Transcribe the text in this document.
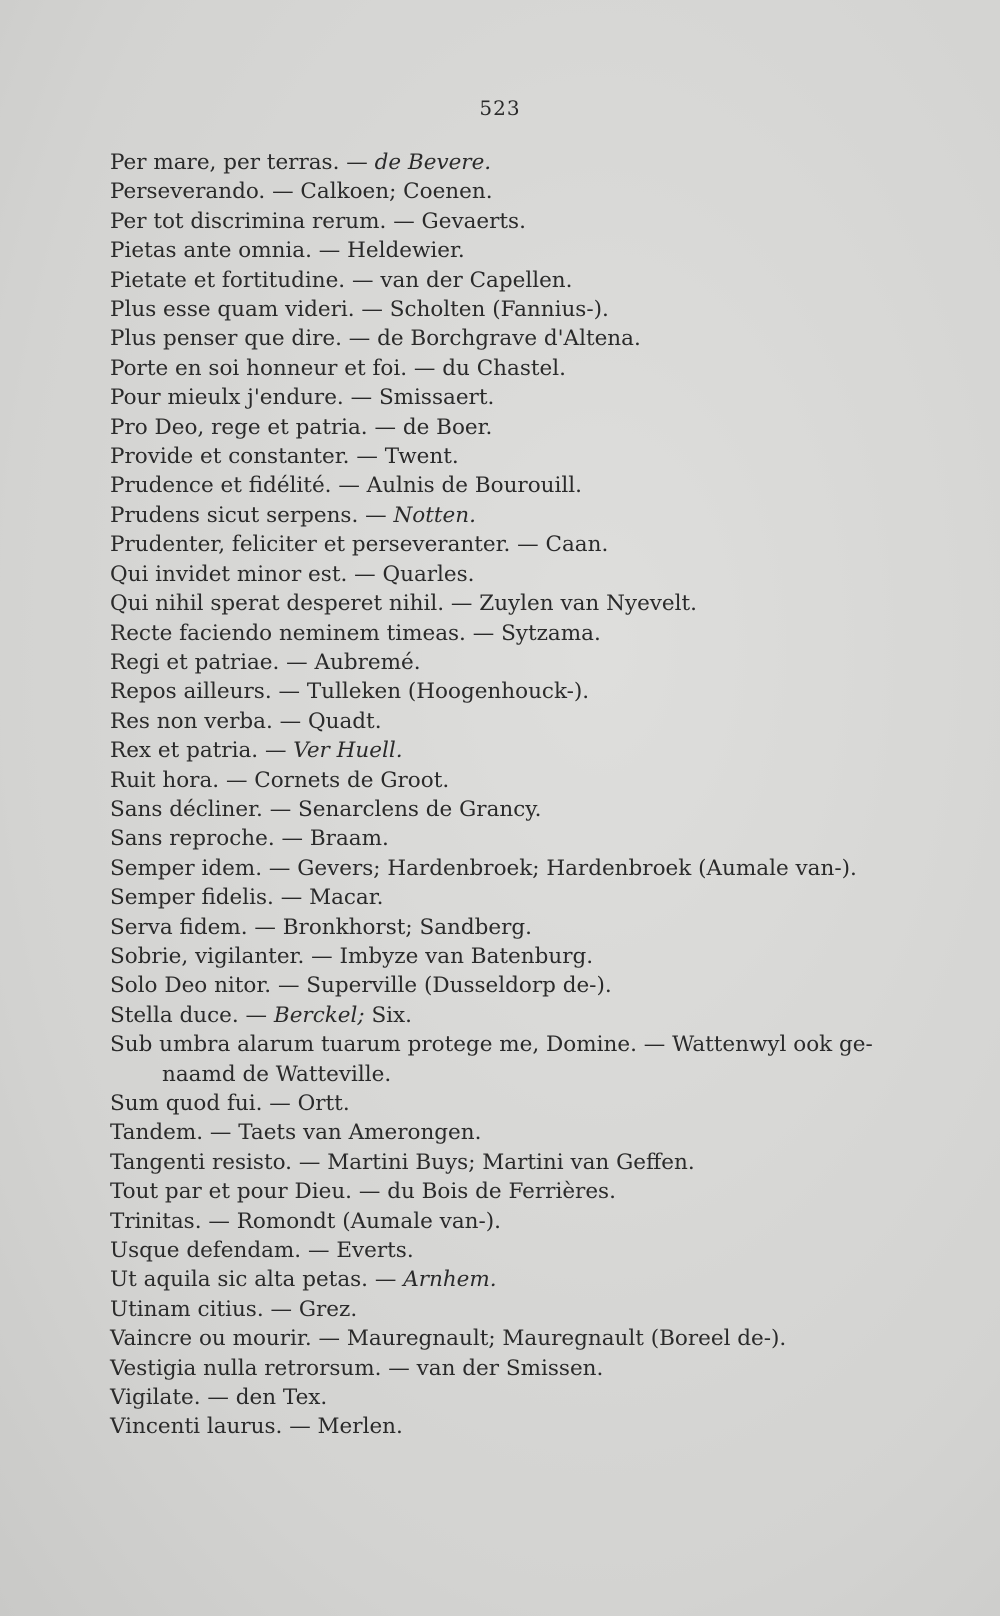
523
Per mare, per terras. — de Bevere.
Perseverando. — Calkoen; Coenen.
Per tot discrimina rerum. — Gevaerts.
Pietas ante omnia. — Heldewier.
Pietate et fortitudine. — van der Capellen.
Plus esse quam videri. — Scholten (Fannius-).
Plus penser que dire. — de Borchgrave d'Altena.
Porte en soi honneur et foi. — du Chastel.
Pour mieulx j'endure. — Smissaert.
Pro Deo, rege et patria. — de Boer.
Provide et constanter. — Twent.
Prudence et fidélité. — Aulnis de Bourouill.
Prudens sicut serpens. — Notten.
Prudenter, feliciter et perseveranter. — Caan.
Qui invidet minor est. — Quarles.
Qui nihil sperat desperet nihil. — Zuylen van Nyevelt.
Recte faciendo neminem timeas. — Sytzama.
Regi et patriae. — Aubremé.
Repos ailleurs. — Tulleken (Hoogenhouck-).
Res non verba. — Quadt.
Rex et patria. — Ver Huell.
Ruit hora. — Cornets de Groot.
Sans décliner. — Senarclens de Grancy.
Sans reproche. — Braam.
Semper idem. — Gevers; Hardenbroek; Hardenbroek (Aumale van-).
Semper fidelis. — Macar.
Serva fidem. — Bronkhorst; Sandberg.
Sobrie, vigilanter. — Imbyze van Batenburg.
Solo Deo nitor. — Superville (Dusseldorp de-).
Stella duce. — Berckel; Six.
Sub umbra alarum tuarum protege me, Domine. — Wattenwyl ook ge-
naamd de Watteville.
Sum quod fui. — Ortt.
Tandem. — Taets van Amerongen.
Tangenti resisto. — Martini Buys; Martini van Geffen.
Tout par et pour Dieu. — du Bois de Ferrières.
Trinitas. — Romondt (Aumale van-).
Usque defendam. — Everts.
Ut aquila sic alta petas. — Arnhem.
Utinam citius. — Grez.
Vaincre ou mourir. — Mauregnault; Mauregnault (Boreel de-).
Vestigia nulla retrorsum. — van der Smissen.
Vigilate. — den Tex.
Vincenti laurus. — Merlen.
